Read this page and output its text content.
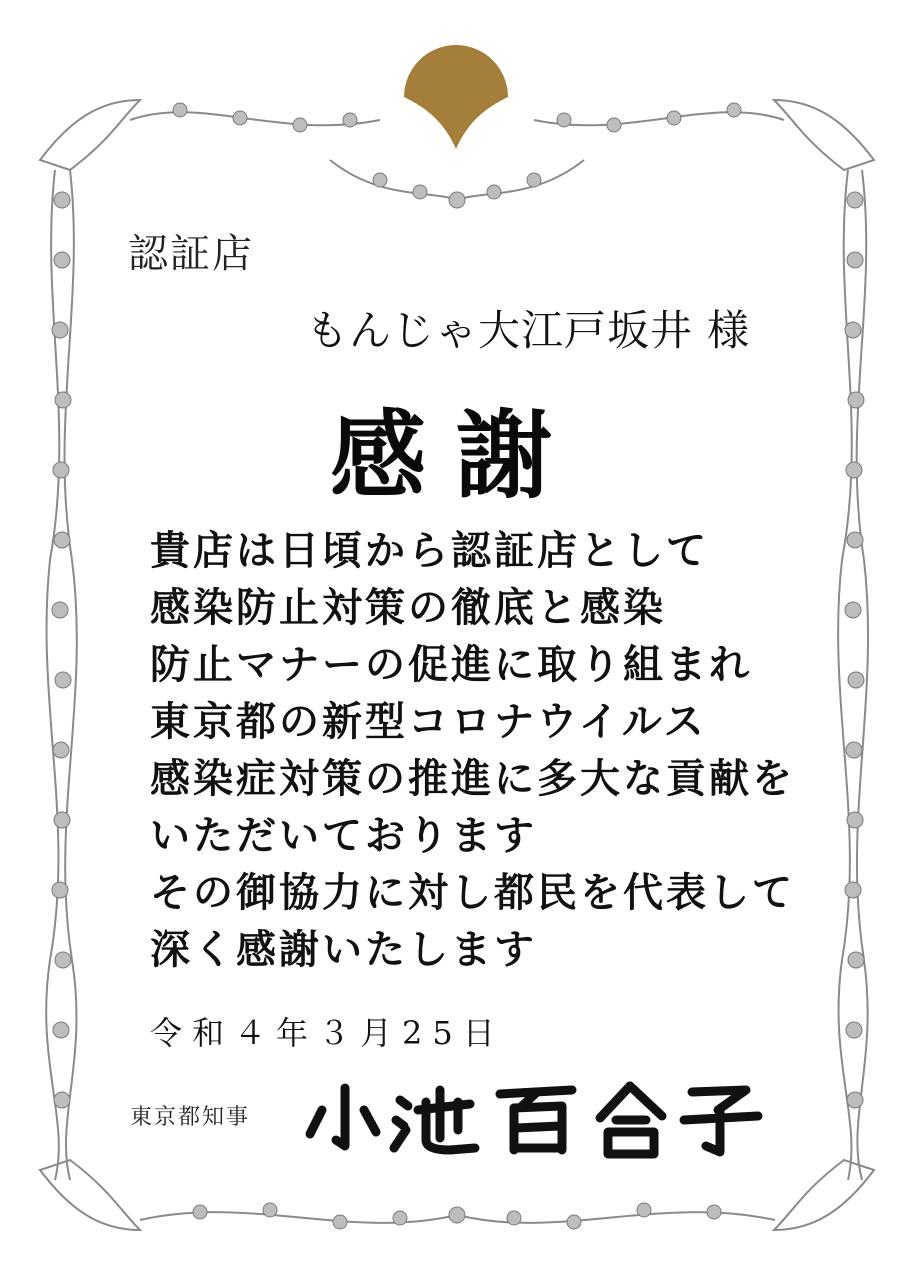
認証店
もんじゃ大江戸坂井 様
感謝
貴店は日頃から認証店として
感染防止対策の徹底と感染
防止マナーの促進に取り組まれ
東京都の新型コロナウイルス
感染症対策の推進に多大な貢献を
いただいております
その御協力に対し都民を代表して
深く感謝いたします
令和４年３月25日
東京都知事
